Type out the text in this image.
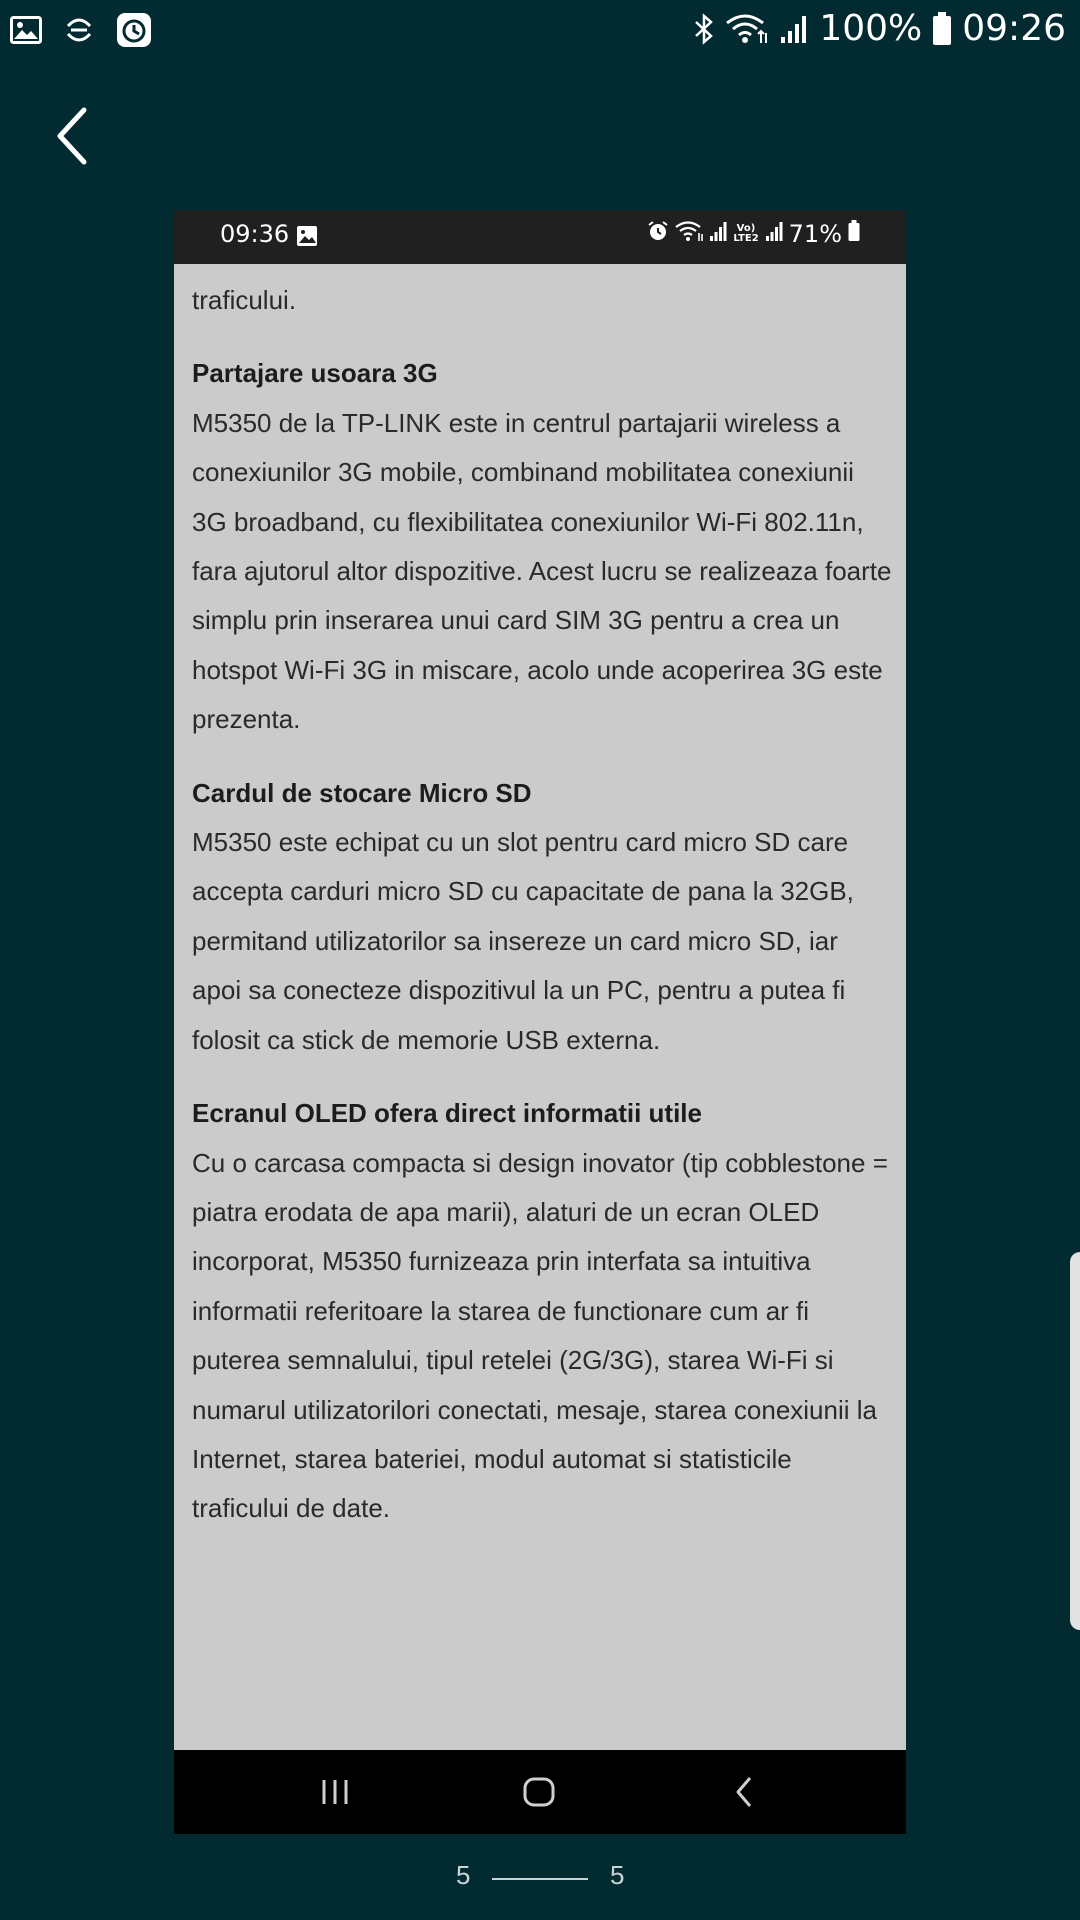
100% 09:26
09:36	Vo)
LTE2 71%

traficului.

Partajare usoara 3G

M5350 de la TP-LINK este in centrul partajarii wireless a conexiunilor 3G mobile, combinand mobilitatea conexiunii 3G broadband, cu flexibilitatea conexiunilor Wi-Fi 802.11n, fara ajutorul altor dispozitive. Acest lucru se realizeaza foarte simplu prin inserarea unui card SIM 3G pentru a crea un hotspot Wi-Fi 3G in miscare, acolo unde acoperirea 3G este prezenta.

Cardul de stocare Micro SD

M5350 este echipat cu un slot pentru card micro SD care accepta carduri micro SD cu capacitate de pana la 32GB, permitand utilizatorilor sa insereze un card micro SD, iar apoi sa conecteze dispozitivul la un PC, pentru a putea fi folosit ca stick de memorie USB externa.

Ecranul OLED ofera direct informatii utile

Cu o carcasa compacta si design inovator (tip cobblestone = piatra erodata de apa marii), alaturi de un ecran OLED incorporat, M5350 furnizeaza prin interfata sa intuitiva informatii referitoare la starea de functionare cum ar fi puterea semnalului, tipul retelei (2G/3G), starea Wi-Fi si numarul utilizatorilori conectati, mesaje, starea conexiunii la Internet, starea bateriei, modul automat si statisticile traficului de date.

5	5
